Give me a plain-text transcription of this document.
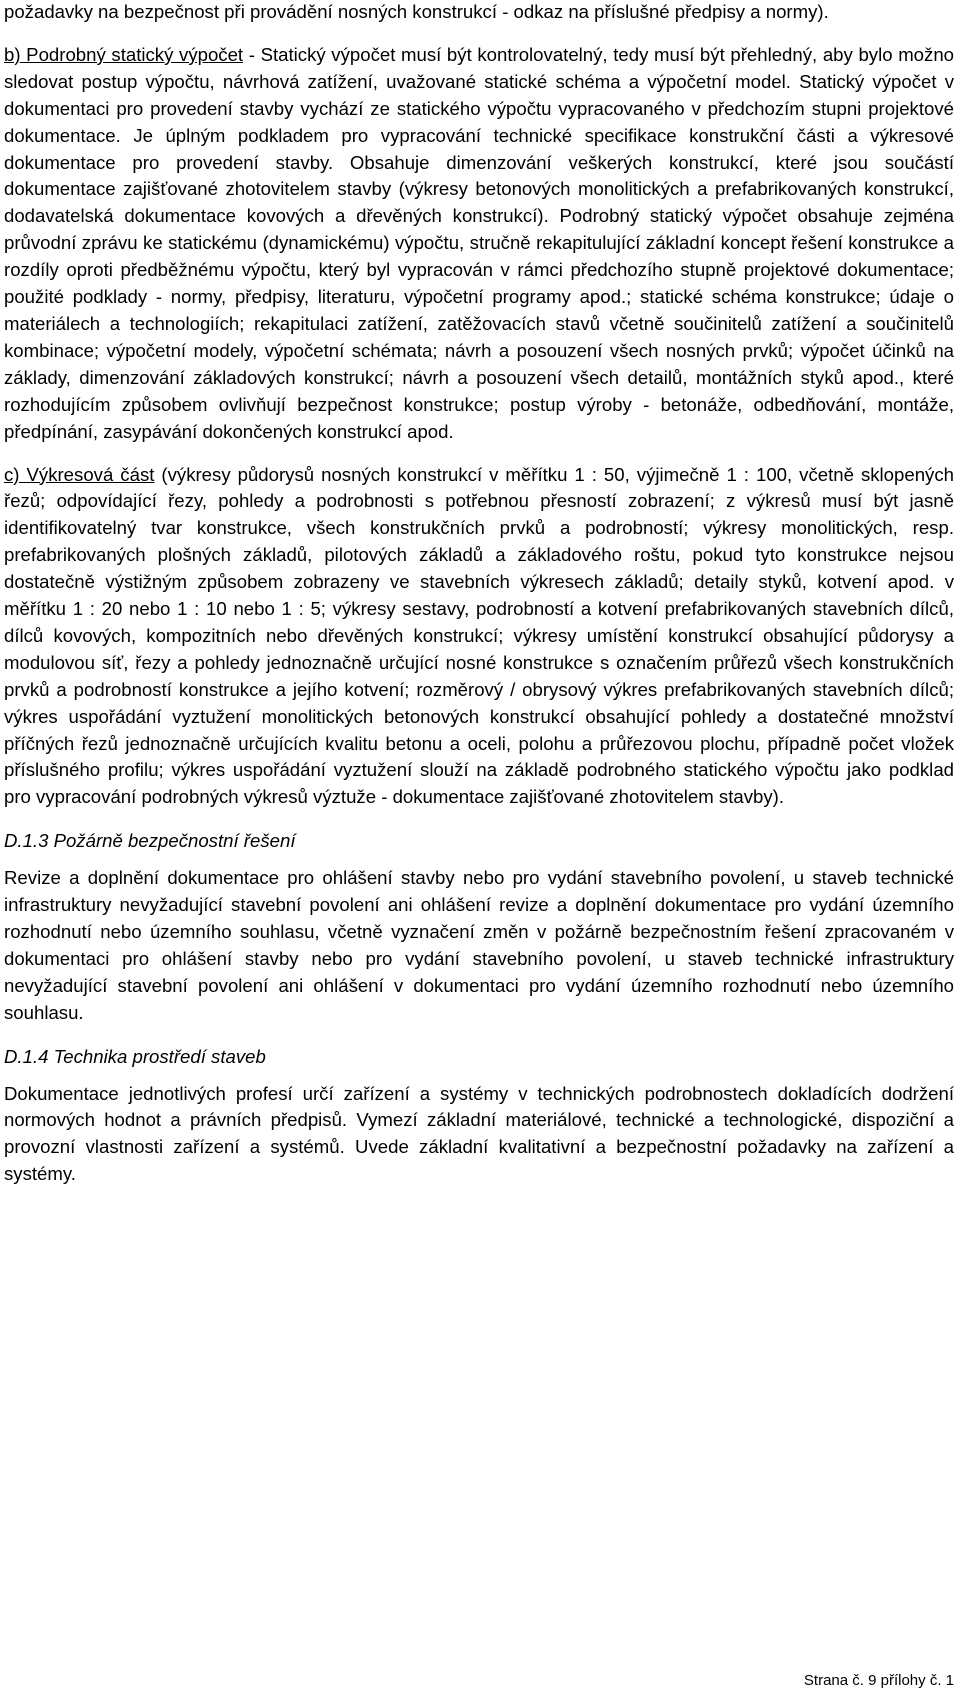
požadavky na bezpečnost při provádění nosných konstrukcí - odkaz na příslušné předpisy a normy).

b) Podrobný statický výpočet - Statický výpočet musí být kontrolovatelný, tedy musí být přehledný, aby bylo možno sledovat postup výpočtu, návrhová zatížení, uvažované statické schéma a výpočetní model. Statický výpočet v dokumentaci pro provedení stavby vychází ze statického výpočtu vypracovaného v předchozím stupni projektové dokumentace. Je úplným podkladem pro vypracování technické specifikace konstrukční části a výkresové dokumentace pro provedení stavby. Obsahuje dimenzování veškerých konstrukcí, které jsou součástí dokumentace zajišťované zhotovitelem stavby (výkresy betonových monolitických a prefabrikovaných konstrukcí, dodavatelská dokumentace kovových a dřevěných konstrukcí). Podrobný statický výpočet obsahuje zejména průvodní zprávu ke statickému (dynamickému) výpočtu, stručně rekapitulující základní koncept řešení konstrukce a rozdíly oproti předběžnému výpočtu, který byl vypracován v rámci předchozího stupně projektové dokumentace; použité podklady - normy, předpisy, literaturu, výpočetní programy apod.; statické schéma konstrukce; údaje o materiálech a technologiích; rekapitulaci zatížení, zatěžovacích stavů včetně součinitelů zatížení a součinitelů kombinace; výpočetní modely, výpočetní schémata; návrh a posouzení všech nosných prvků; výpočet účinků na základy, dimenzování základových konstrukcí; návrh a posouzení všech detailů, montážních styků apod., které rozhodujícím způsobem ovlivňují bezpečnost konstrukce; postup výroby - betonáže, odbedňování, montáže, předpínání, zasypávání dokončených konstrukcí apod.

c) Výkresová část (výkresy půdorysů nosných konstrukcí v měřítku 1 : 50, výjimečně 1 : 100, včetně sklopených řezů; odpovídající řezy, pohledy a podrobnosti s potřebnou přesností zobrazení; z výkresů musí být jasně identifikovatelný tvar konstrukce, všech konstrukčních prvků a podrobností; výkresy monolitických, resp. prefabrikovaných plošných základů, pilotových základů a základového roštu, pokud tyto konstrukce nejsou dostatečně výstižným způsobem zobrazeny ve stavebních výkresech základů; detaily styků, kotvení apod. v měřítku 1 : 20 nebo 1 : 10 nebo 1 : 5; výkresy sestavy, podrobností a kotvení prefabrikovaných stavebních dílců, dílců kovových, kompozitních nebo dřevěných konstrukcí; výkresy umístění konstrukcí obsahující půdorysy a modulovou síť, řezy a pohledy jednoznačně určující nosné konstrukce s označením průřezů všech konstrukčních prvků a podrobností konstrukce a jejího kotvení; rozměrový / obrysový výkres prefabrikovaných stavebních dílců; výkres uspořádání vyztužení monolitických betonových konstrukcí obsahující pohledy a dostatečné množství příčných řezů jednoznačně určujících kvalitu betonu a oceli, polohu a průřezovou plochu, případně počet vložek příslušného profilu; výkres uspořádání vyztužení slouží na základě podrobného statického výpočtu jako podklad pro vypracování podrobných výkresů výztuže - dokumentace zajišťované zhotovitelem stavby).

D.1.3 Požárně bezpečnostní řešení

Revize a doplnění dokumentace pro ohlášení stavby nebo pro vydání stavebního povolení, u staveb technické infrastruktury nevyžadující stavební povolení ani ohlášení revize a doplnění dokumentace pro vydání územního rozhodnutí nebo územního souhlasu, včetně vyznačení změn v požárně bezpečnostním řešení zpracovaném v dokumentaci pro ohlášení stavby nebo pro vydání stavebního povolení, u staveb technické infrastruktury nevyžadující stavební povolení ani ohlášení v dokumentaci pro vydání územního rozhodnutí nebo územního souhlasu.

D.1.4 Technika prostředí staveb

Dokumentace jednotlivých profesí určí zařízení a systémy v technických podrobnostech dokladících dodržení normových hodnot a právních předpisů. Vymezí základní materiálové, technické a technologické, dispoziční a provozní vlastnosti zařízení a systémů. Uvede základní kvalitativní a bezpečnostní požadavky na zařízení a systémy.

Strana č. 9 přílohy č. 1
